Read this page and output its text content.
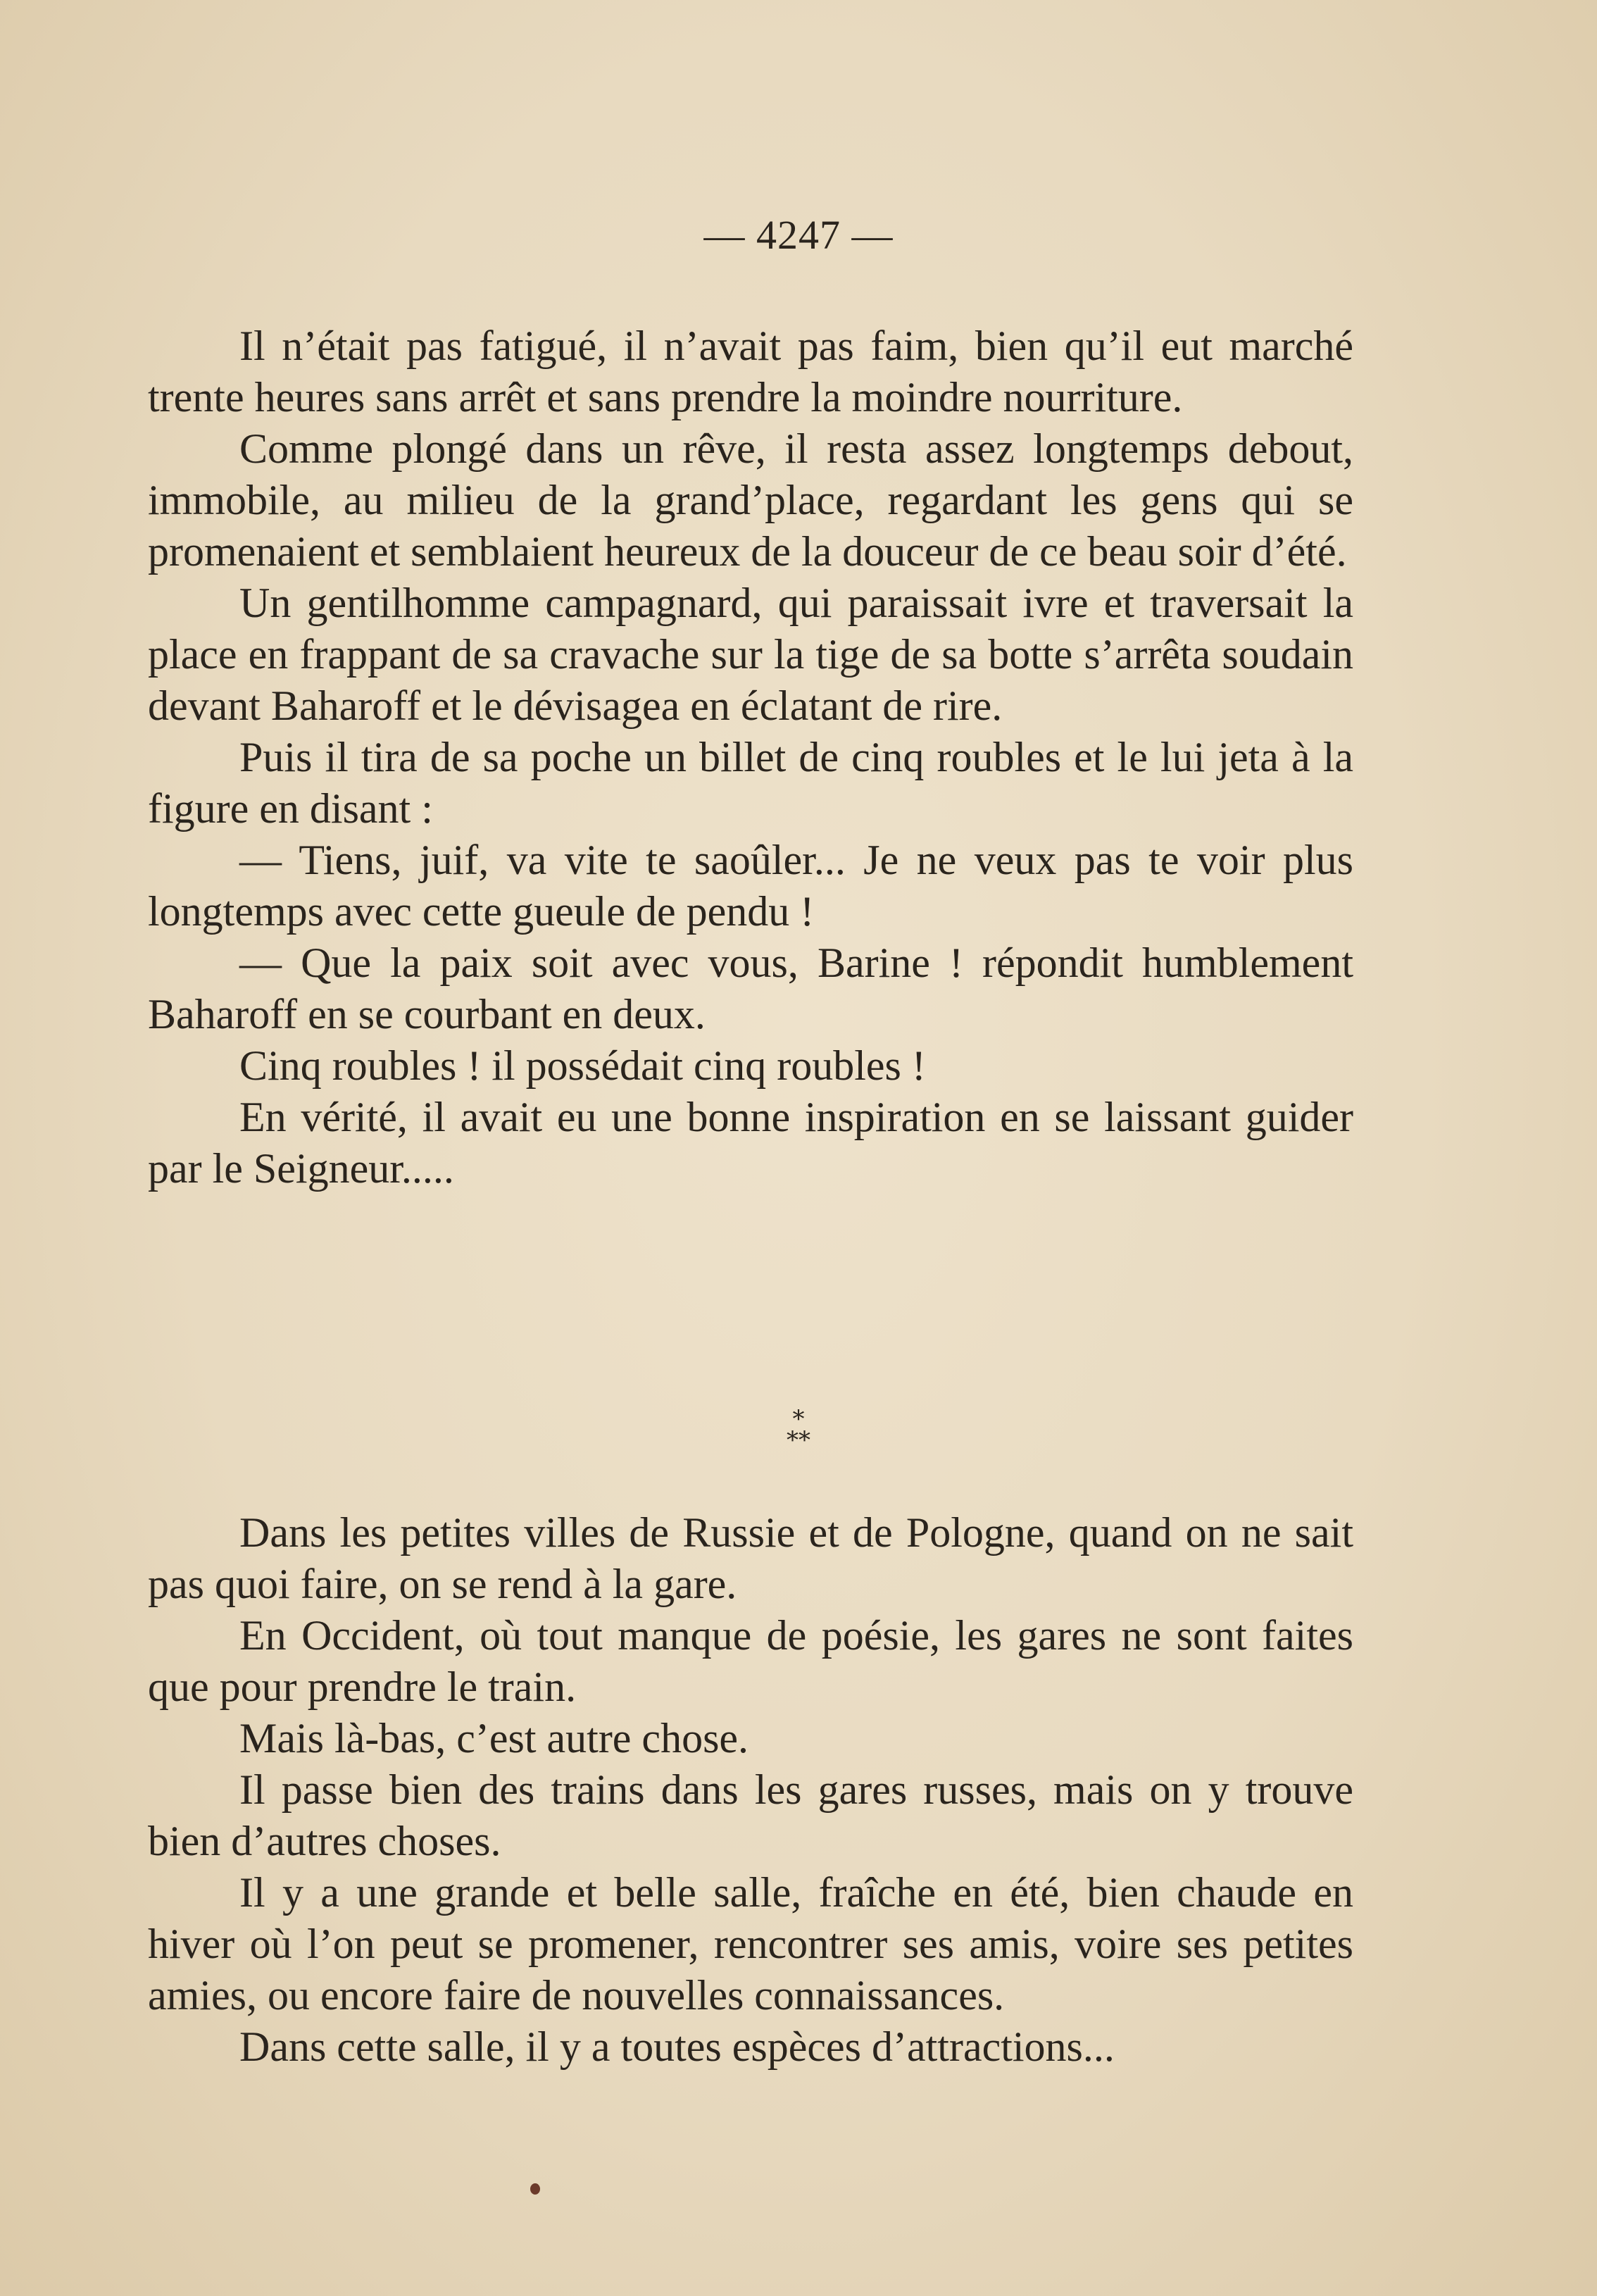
— 4247 —

Il n’était pas fatigué, il n’avait pas faim, bien qu’il eut marché trente heures sans arrêt et sans prendre la moindre nourriture.

Comme plongé dans un rêve, il resta assez longtemps debout, immobile, au milieu de la grand’place, regardant les gens qui se promenaient et semblaient heureux de la douceur de ce beau soir d’été.

Un gentilhomme campagnard, qui paraissait ivre et traversait la place en frappant de sa cravache sur la tige de sa botte s’arrêta soudain devant Baharoff et le dévisagea en éclatant de rire.

Puis il tira de sa poche un billet de cinq roubles et le lui jeta à la figure en disant :

— Tiens, juif, va vite te saoûler... Je ne veux pas te voir plus longtemps avec cette gueule de pendu !

— Que la paix soit avec vous, Barine ! répondit humblement Baharoff en se courbant en deux.

Cinq roubles ! il possédait cinq roubles !

En vérité, il avait eu une bonne inspiration en se laissant guider par le Seigneur.....

*
**

Dans les petites villes de Russie et de Pologne, quand on ne sait pas quoi faire, on se rend à la gare.

En Occident, où tout manque de poésie, les gares ne sont faites que pour prendre le train.

Mais là-bas, c’est autre chose.

Il passe bien des trains dans les gares russes, mais on y trouve bien d’autres choses.

Il y a une grande et belle salle, fraîche en été, bien chaude en hiver où l’on peut se promener, rencontrer ses amis, voire ses petites amies, ou encore faire de nouvelles connaissances.

Dans cette salle, il y a toutes espèces d’attractions...
